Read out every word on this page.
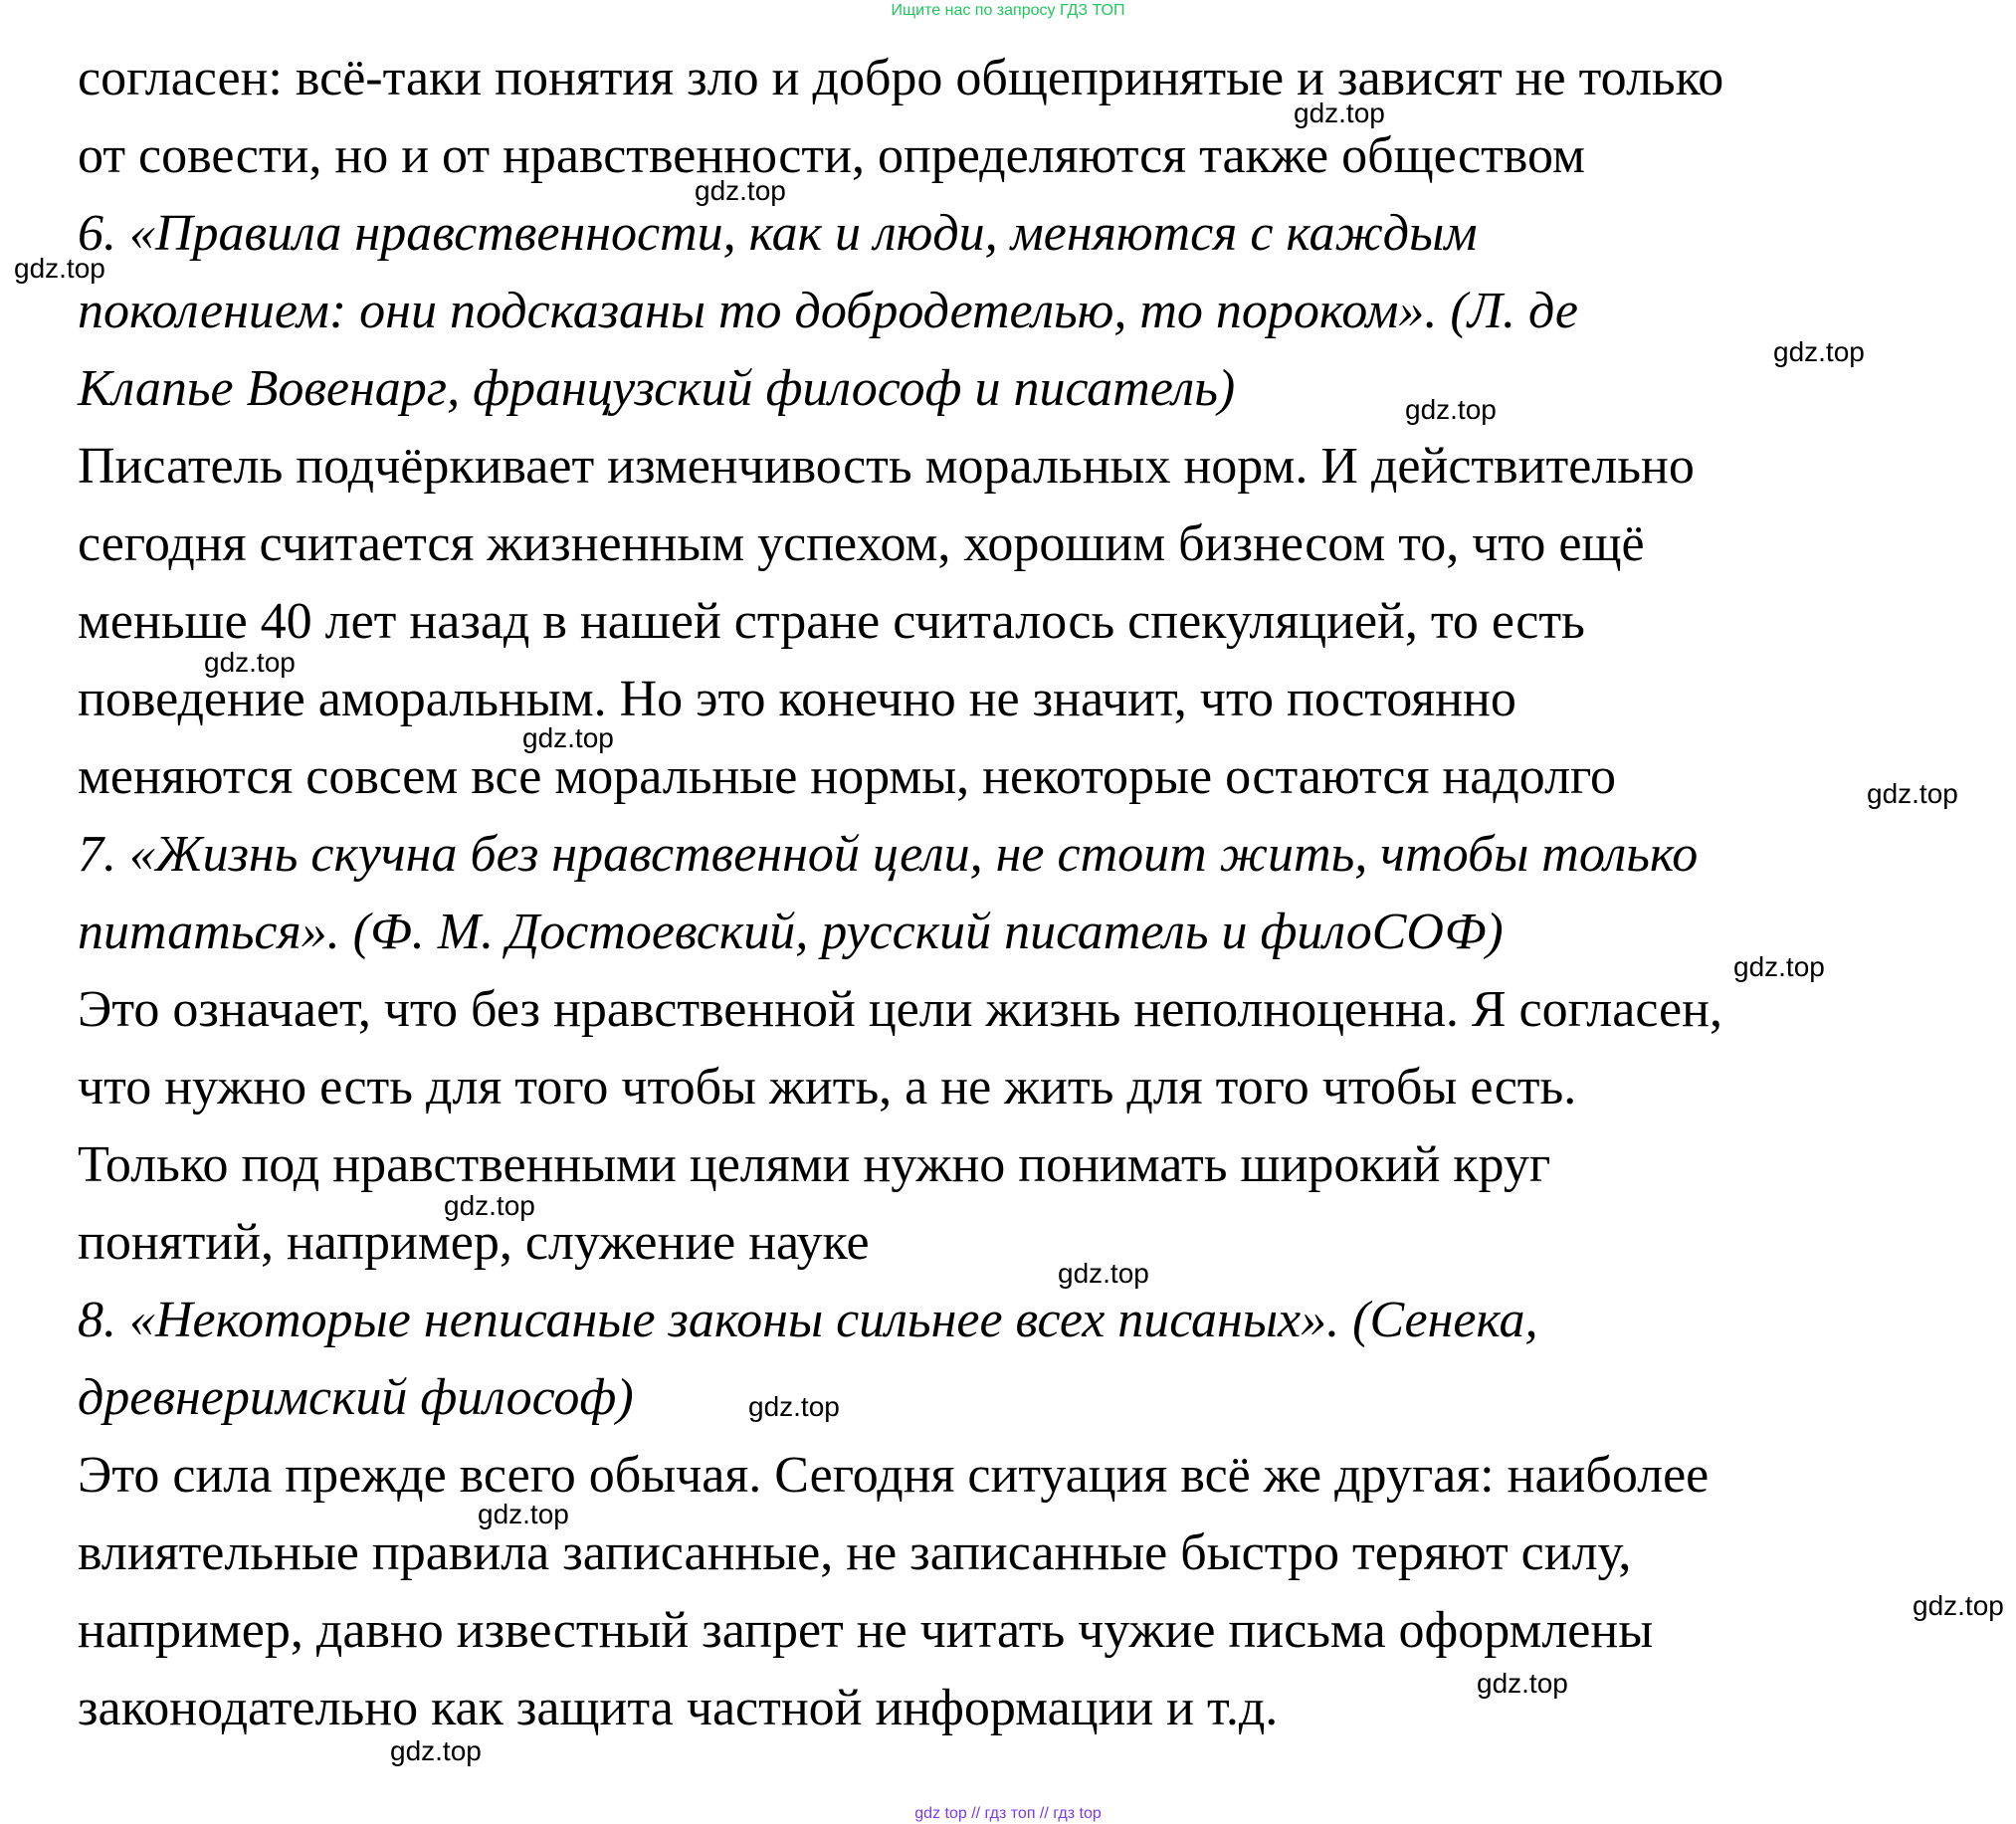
Ищите нас по запросу ГДЗ ТОП
согласен: всё-таки понятия зло и добро общепринятые и зависят не только
от совести, но и от нравственности, определяются также обществом
6. «Правила нравственности, как и люди, меняются с каждым
поколением: они подсказаны то добродетелью, то пороком». (Л. де
Клапье Вовенарг, французский философ и писатель)
Писатель подчёркивает изменчивость моральных норм. И действительно
сегодня считается жизненным успехом, хорошим бизнесом то, что ещё
меньше 40 лет назад в нашей стране считалось спекуляцией, то есть
поведение аморальным. Но это конечно не значит, что постоянно
меняются совсем все моральные нормы, некоторые остаются надолго
7. «Жизнь скучна без нравственной цели, не стоит жить, чтобы только
питаться». (Ф. М. Достоевский, русский писатель и филоСОФ)
Это означает, что без нравственной цели жизнь неполноценна. Я согласен,
что нужно есть для того чтобы жить, а не жить для того чтобы есть.
Только под нравственными целями нужно понимать широкий круг
понятий, например, служение науке
8. «Некоторые неписаные законы сильнее всех писаных». (Сенека,
древнеримский философ)
Это сила прежде всего обычая. Сегодня ситуация всё же другая: наиболее
влиятельные правила записанные, не записанные быстро теряют силу,
например, давно известный запрет не читать чужие письма оформлены
законодательно как защита частной информации и т.д.
gdz.top
gdz.top
gdz.top
gdz.top
gdz.top
gdz.top
gdz.top
gdz.top
gdz.top
gdz.top
gdz.top
gdz.top
gdz.top
gdz.top
gdz.top
gdz.top
gdz top // гдз топ // гдз top
